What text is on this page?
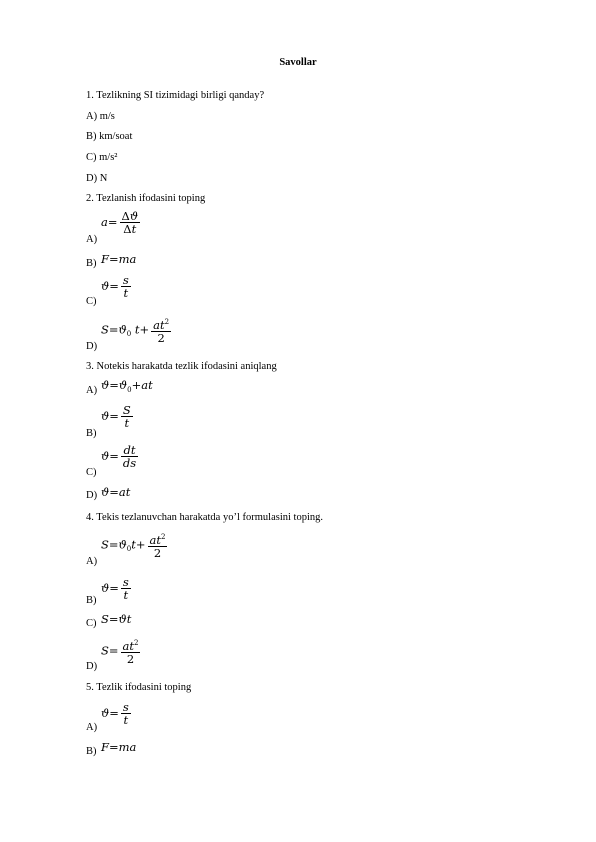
Savollar
1. Tezlikning SI tizimidagi birligi qanday?
A) m/s
B) km/soat
C) m/s²
D) N
2. Tezlanish ifodasini toping
A)
$a= \frac{\Delta ϑ}{\Delta t}$
B) F=ma
C)
$ϑ= \frac{s}{t}$
D)
$S=ϑ_0$ $t+ \frac{at^2}{2}$
3. Notekis harakatda tezlik ifodasini aniqlang
A) $ϑ=ϑ_0+at$
B)
$ϑ= \frac{S}{t}$
C)
$ϑ= \frac{dt}{ds}$
D) ϑ=at
4. Tekis tezlanuvchan harakatda yo’l formulasini toping.
A)
$S=ϑ_0t+ \frac{at^2}{2}$
B)
$ϑ= \frac{s}{t}$
C) S=ϑt
D)
$S= \frac{at^2}{2}$
5. Tezlik ifodasini toping
A)
$ϑ= \frac{s}{t}$
B) F=ma
